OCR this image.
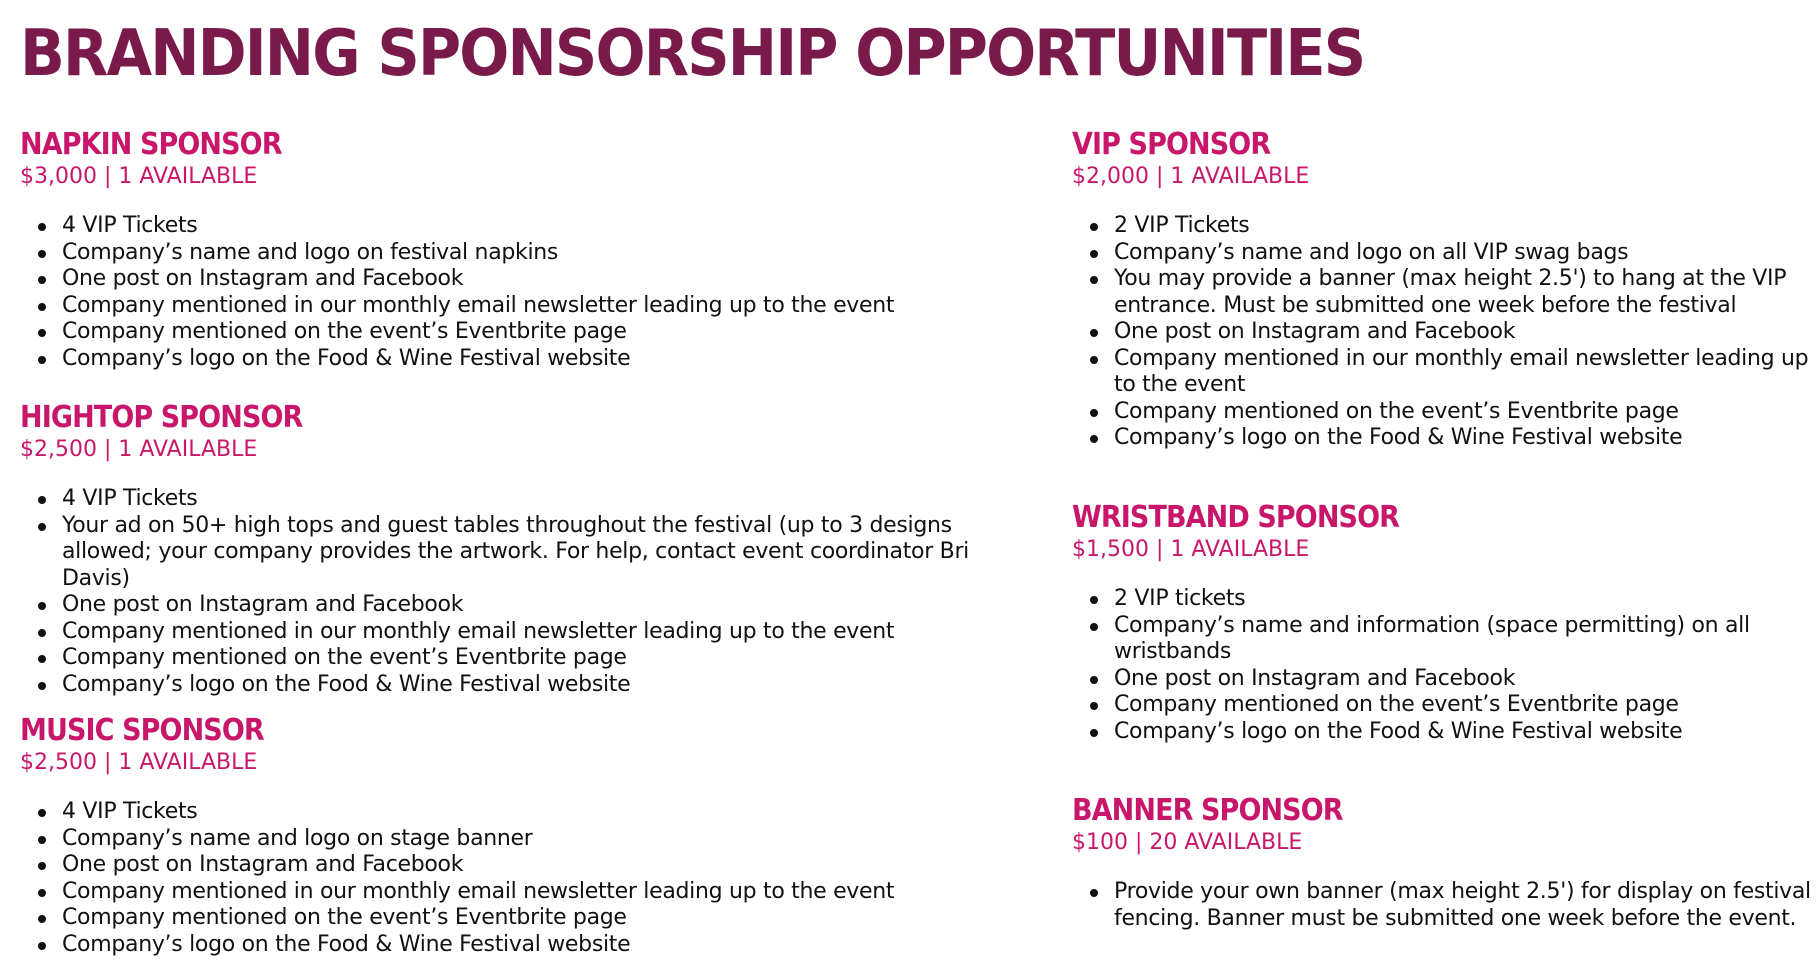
BRANDING SPONSORSHIP OPPORTUNITIES
NAPKIN SPONSOR

$3,000 | 1 AVAILABLE

4 VIP Tickets
Company’s name and logo on festival napkins
One post on Instagram and Facebook
Company mentioned in our monthly email newsletter leading up to the event
Company mentioned on the event’s Eventbrite page
Company’s logo on the Food & Wine Festival website
HIGHTOP SPONSOR

$2,500 | 1 AVAILABLE

4 VIP Tickets
Your ad on 50+ high tops and guest tables throughout the festival (up to 3 designs allowed; your company provides the artwork. For help, contact event coordinator Bri Davis)
One post on Instagram and Facebook
Company mentioned in our monthly email newsletter leading up to the event
Company mentioned on the event’s Eventbrite page
Company’s logo on the Food & Wine Festival website
MUSIC SPONSOR

$2,500 | 1 AVAILABLE

4 VIP Tickets
Company’s name and logo on stage banner
One post on Instagram and Facebook
Company mentioned in our monthly email newsletter leading up to the event
Company mentioned on the event’s Eventbrite page
Company’s logo on the Food & Wine Festival website
VIP SPONSOR

$2,000 | 1 AVAILABLE

2 VIP Tickets
Company’s name and logo on all VIP swag bags
You may provide a banner (max height 2.5') to hang at the VIP entrance. Must be submitted one week before the festival
One post on Instagram and Facebook
Company mentioned in our monthly email newsletter leading up to the event
Company mentioned on the event’s Eventbrite page
Company’s logo on the Food & Wine Festival website
WRISTBAND SPONSOR

$1,500 | 1 AVAILABLE

2 VIP tickets
Company’s name and information (space permitting) on all wristbands
One post on Instagram and Facebook
Company mentioned on the event’s Eventbrite page
Company’s logo on the Food & Wine Festival website
BANNER SPONSOR

$100 | 20 AVAILABLE

Provide your own banner (max height 2.5') for display on festival fencing. Banner must be submitted one week before the event.
